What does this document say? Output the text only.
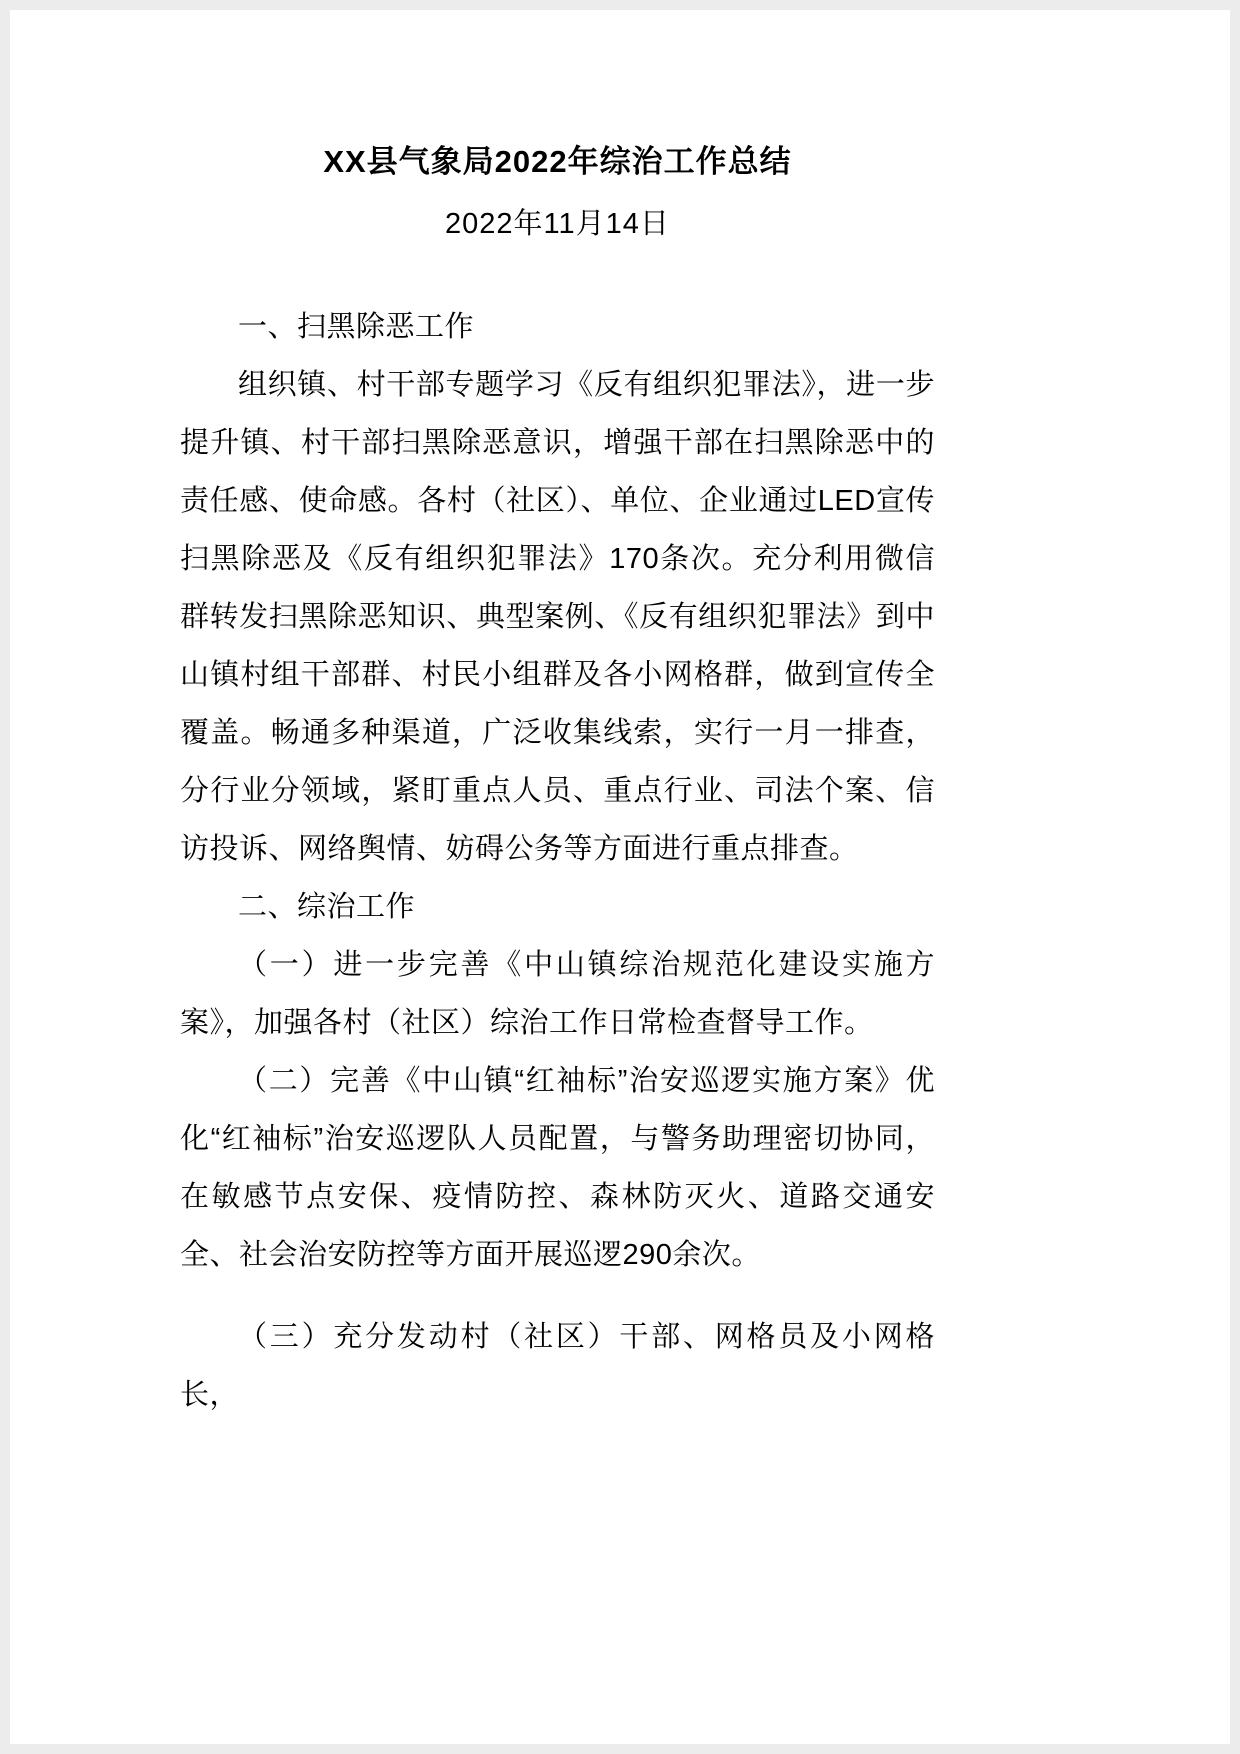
XX县气象局2022年综治工作总结
2022年11月14日

一、扫黑除恶工作

组织镇、村干部专题学习《反有组织犯罪法》，进一步提升镇、村干部扫黑除恶意识，增强干部在扫黑除恶中的责任感、使命感。各村（社区）、单位、企业通过LED宣传扫黑除恶及《反有组织犯罪法》170条次。充分利用微信群转发扫黑除恶知识、典型案例、《反有组织犯罪法》到中山镇村组干部群、村民小组群及各小网格群，做到宣传全覆盖。畅通多种渠道，广泛收集线索，实行一月一排查，分行业分领域，紧盯重点人员、重点行业、司法个案、信访投诉、网络舆情、妨碍公务等方面进行重点排查。

二、综治工作

（一）进一步完善《中山镇综治规范化建设实施方案》，加强各村（社区）综治工作日常检查督导工作。

（二）完善《中山镇“红袖标”治安巡逻实施方案》优化“红袖标”治安巡逻队人员配置，与警务助理密切协同，在敏感节点安保、疫情防控、森林防灭火、道路交通安全、社会治安防控等方面开展巡逻290余次。

（三）充分发动村（社区）干部、网格员及小网格长，
